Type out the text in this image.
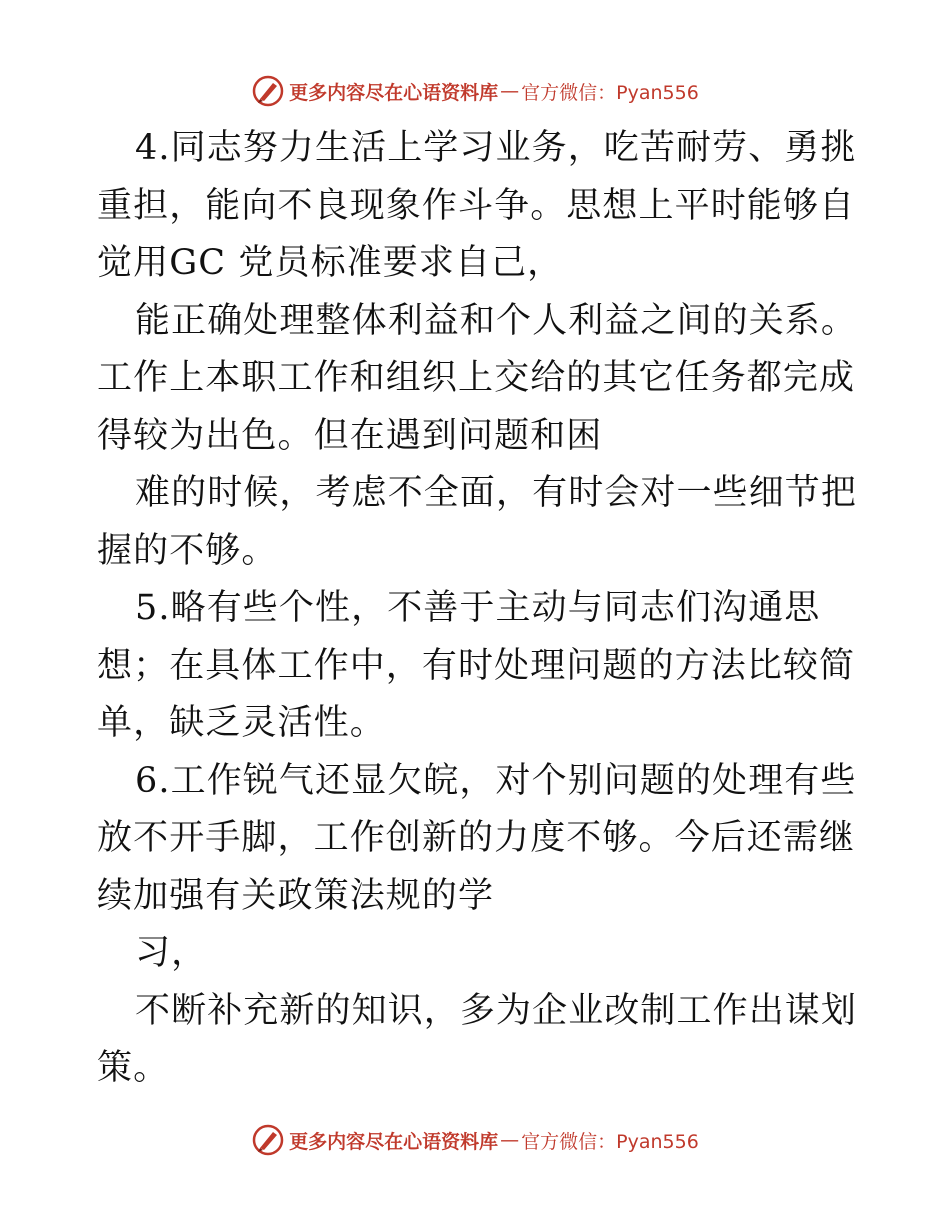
更多内容尽在心语资料库 — 官方微信：Pyan556

4.同志努力生活上学习业务，吃苦耐劳、勇挑重担，能向不良现象作斗争。思想上平时能够自觉用GC 党员标准要求自己，

能正确处理整体利益和个人利益之间的关系。工作上本职工作和组织上交给的其它任务都完成得较为出色。但在遇到问题和困

难的时候，考虑不全面，有时会对一些细节把握的不够。

5.略有些个性，不善于主动与同志们沟通思想；在具体工作中，有时处理问题的方法比较简单，缺乏灵活性。

6.工作锐气还显欠皖，对个别问题的处理有些放不开手脚，工作创新的力度不够。今后还需继续加强有关政策法规的学

习，

不断补充新的知识，多为企业改制工作出谋划策。

更多内容尽在心语资料库 — 官方微信：Pyan556
